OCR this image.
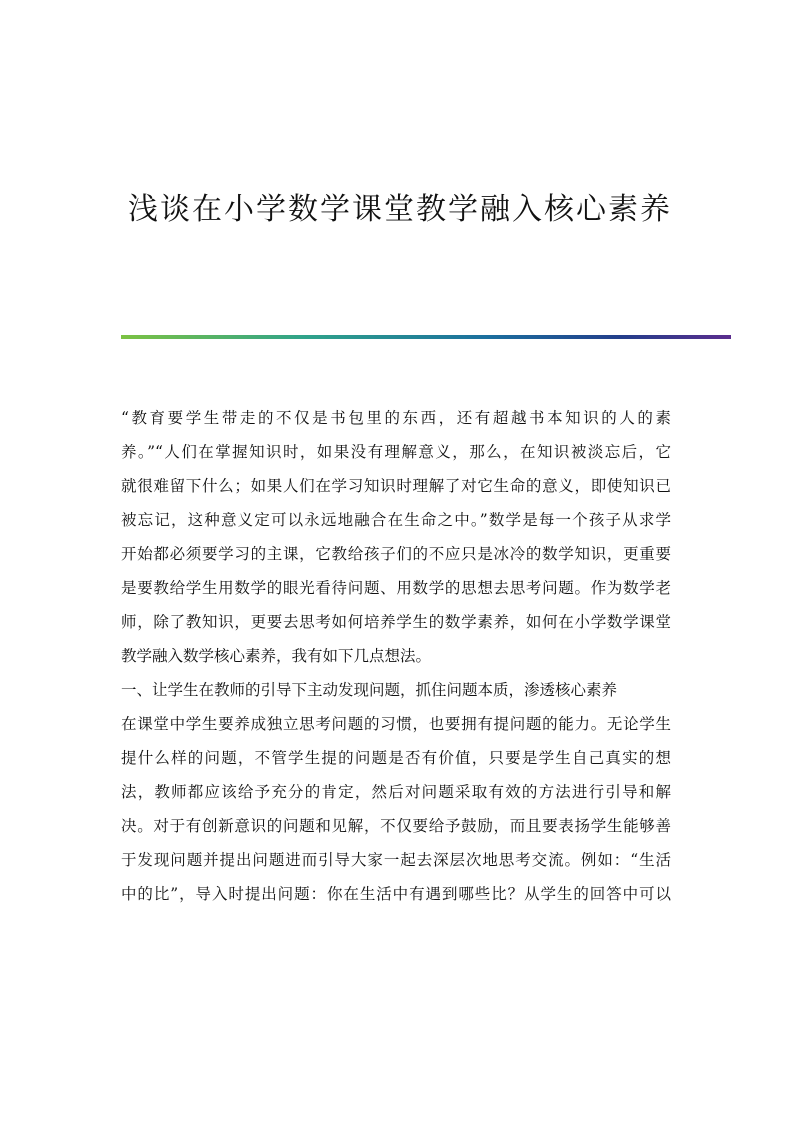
浅谈在小学数学课堂教学融入核心素养
“教育要学生带走的不仅是书包里的东西，还有超越书本知识的人的素
养。”“人们在掌握知识时，如果没有理解意义，那么，在知识被淡忘后，它
就很难留下什么；如果人们在学习知识时理解了对它生命的意义，即使知识已
被忘记，这种意义定可以永远地融合在生命之中。”数学是每一个孩子从求学
开始都必须要学习的主课，它教给孩子们的不应只是冰冷的数学知识，更重要
是要教给学生用数学的眼光看待问题、用数学的思想去思考问题。作为数学老
师，除了教知识，更要去思考如何培养学生的数学素养，如何在小学数学课堂
教学融入数学核心素养，我有如下几点想法。
一、让学生在教师的引导下主动发现问题，抓住问题本质，渗透核心素养
在课堂中学生要养成独立思考问题的习惯，也要拥有提问题的能力。无论学生
提什么样的问题，不管学生提的问题是否有价值，只要是学生自己真实的想
法，教师都应该给予充分的肯定，然后对问题采取有效的方法进行引导和解
决。对于有创新意识的问题和见解，不仅要给予鼓励，而且要表扬学生能够善
于发现问题并提出问题进而引导大家一起去深层次地思考交流。例如：“生活
中的比”，导入时提出问题：你在生活中有遇到哪些比？从学生的回答中可以
